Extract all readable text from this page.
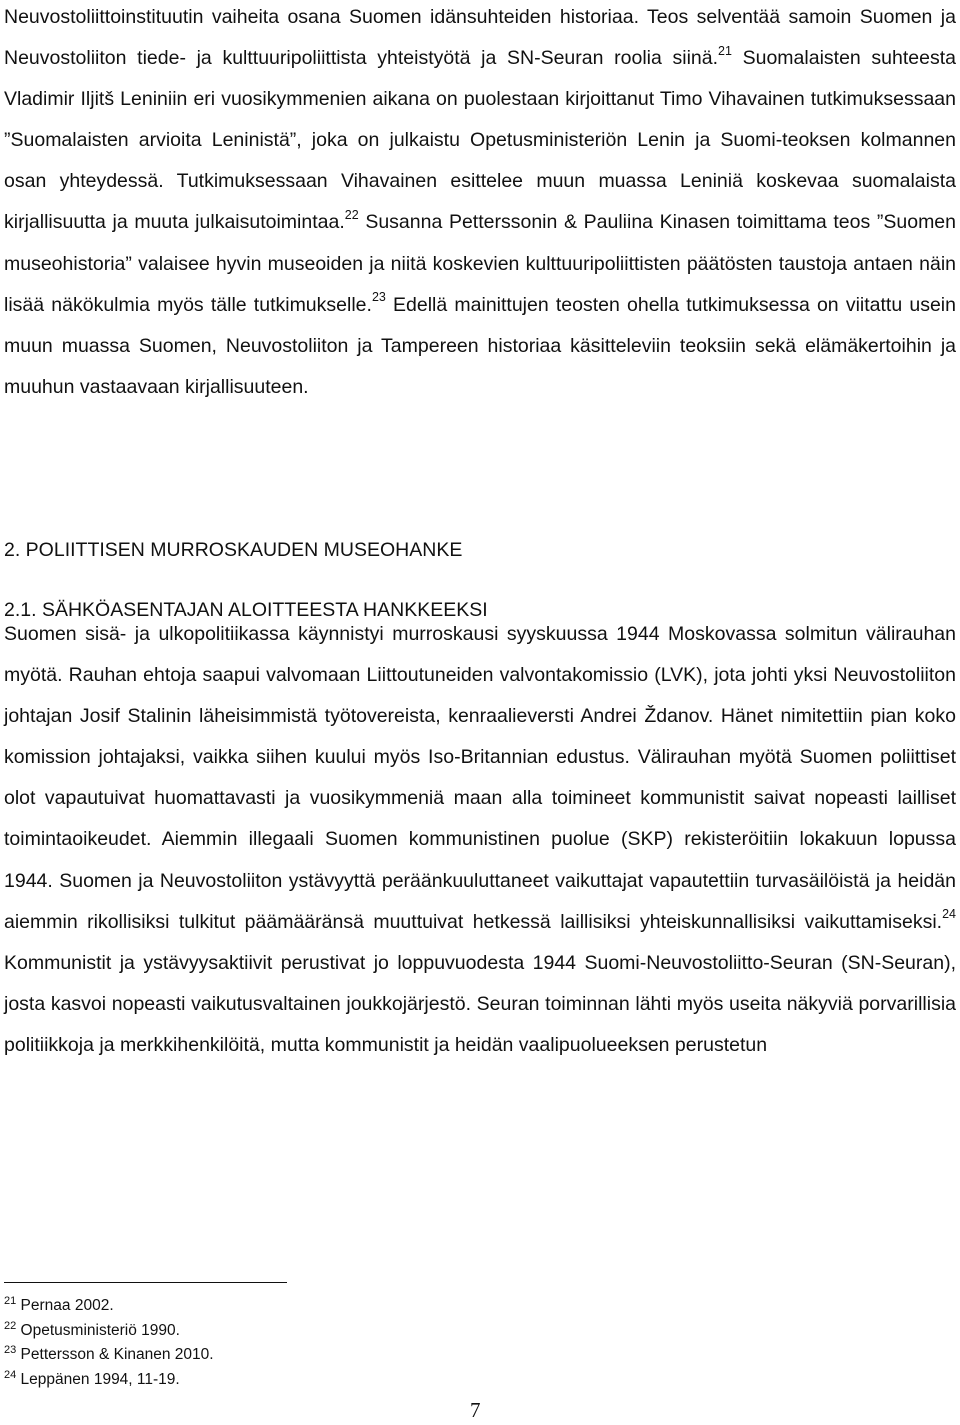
Neuvostoliittoinstituutin vaiheita osana Suomen idänsuhteiden historiaa. Teos selventää samoin Suomen ja Neuvostoliiton tiede- ja kulttuuripoliittista yhteistyötä ja SN-Seuran roolia siinä.$^{21}$ Suomalaisten suhteesta Vladimir Iljitš Leniniin eri vuosikymmenien aikana on puolestaan kirjoittanut Timo Vihavainen tutkimuksessaan ”Suomalaisten arvioita Leninistä”, joka on julkaistu Opetusministeriön Lenin ja Suomi-teoksen kolmannen osan yhteydessä. Tutkimuksessaan Vihavainen esittelee muun muassa Leniniä koskevaa suomalaista kirjallisuutta ja muuta julkaisutoimintaa.$^{22}$ Susanna Petterssonin & Pauliina Kinasen toimittama teos ”Suomen museohistoria” valaisee hyvin museoiden ja niitä koskevien kulttuuripoliittisten päätösten taustoja antaen näin lisää näkökulmia myös tälle tutkimukselle.$^{23}$ Edellä mainittujen teosten ohella tutkimuksessa on viitattu usein muun muassa Suomen, Neuvostoliiton ja Tampereen historiaa käsitteleviin teoksiin sekä elämäkertoihin ja muuhun vastaavaan kirjallisuuteen.

2. POLIITTISEN MURROSKAUDEN MUSEOHANKE
2.1. SÄHKÖASENTAJAN ALOITTEESTA HANKKEEKSI

Suomen sisä- ja ulkopolitiikassa käynnistyi murroskausi syyskuussa 1944 Moskovassa solmitun välirauhan myötä. Rauhan ehtoja saapui valvomaan Liittoutuneiden valvontakomissio (LVK), jota johti yksi Neuvostoliiton johtajan Josif Stalinin läheisimmistä työtovereista, kenraalieversti Andrei Ždanov. Hänet nimitettiin pian koko komission johtajaksi, vaikka siihen kuului myös Iso-Britannian edustus. Välirauhan myötä Suomen poliittiset olot vapautuivat huomattavasti ja vuosikymmeniä maan alla toimineet kommunistit saivat nopeasti lailliset toimintaoikeudet. Aiemmin illegaali Suomen kommunistinen puolue (SKP) rekisteröitiin lokakuun lopussa 1944. Suomen ja Neuvostoliiton ystävyyttä peräänkuuluttaneet vaikuttajat vapautettiin turvasäilöistä ja heidän aiemmin rikollisiksi tulkitut päämääränsä muuttuivat hetkessä laillisiksi yhteiskunnallisiksi vaikuttamiseksi.$^{24}$ Kommunistit ja ystävyysaktiivit perustivat jo loppuvuodesta 1944 Suomi-Neuvostoliitto-Seuran (SN-Seuran), josta kasvoi nopeasti vaikutusvaltainen joukkojärjestö. Seuran toiminnan lähti myös useita näkyviä porvarillisia politiikkoja ja merkkihenkilöitä, mutta kommunistit ja heidän vaalipuolueeksen perustetun

$^{21}$ Pernaa 2002.
$^{22}$ Opetusministeriö 1990.
$^{23}$ Pettersson & Kinanen 2010.
$^{24}$ Leppänen 1994, 11-19.
7
